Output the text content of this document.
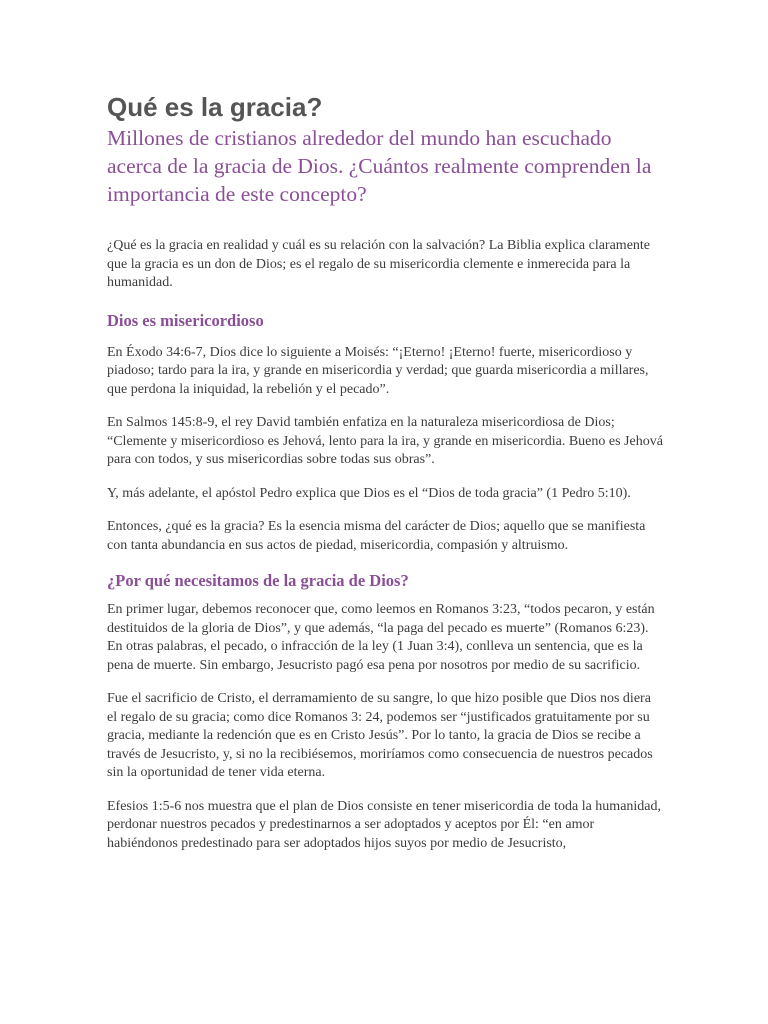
Qué es la gracia?

Millones de cristianos alrededor del mundo han escuchado acerca de la gracia de Dios. ¿Cuántos realmente comprenden la importancia de este concepto?

¿Qué es la gracia en realidad y cuál es su relación con la salvación? La Biblia explica claramente que la gracia es un don de Dios; es el regalo de su misericordia clemente e inmerecida para la humanidad.

Dios es misericordioso

En Éxodo 34:6-7, Dios dice lo siguiente a Moisés: “¡Eterno! ¡Eterno! fuerte, misericordioso y piadoso; tardo para la ira, y grande en misericordia y verdad; que guarda misericordia a millares, que perdona la iniquidad, la rebelión y el pecado”.

En Salmos 145:8-9, el rey David también enfatiza en la naturaleza misericordiosa de Dios; “Clemente y misericordioso es Jehová, lento para la ira, y grande en misericordia. Bueno es Jehová para con todos, y sus misericordias sobre todas sus obras”.

Y, más adelante, el apóstol Pedro explica que Dios es el “Dios de toda gracia” (1 Pedro 5:10).

Entonces, ¿qué es la gracia? Es la esencia misma del carácter de Dios; aquello que se manifiesta con tanta abundancia en sus actos de piedad, misericordia, compasión y altruismo.

¿Por qué necesitamos de la gracia de Dios?

En primer lugar, debemos reconocer que, como leemos en Romanos 3:23, “todos pecaron, y están destituidos de la gloria de Dios”, y que además, “la paga del pecado es muerte” (Romanos 6:23). En otras palabras, el pecado, o infracción de la ley (1 Juan 3:4), conlleva un sentencia, que es la pena de muerte. Sin embargo, Jesucristo pagó esa pena por nosotros por medio de su sacrificio.

Fue el sacrificio de Cristo, el derramamiento de su sangre, lo que hizo posible que Dios nos diera el regalo de su gracia; como dice Romanos 3: 24, podemos ser “justificados gratuitamente por su gracia, mediante la redención que es en Cristo Jesús”. Por lo tanto, la gracia de Dios se recibe a través de Jesucristo, y, si no la recibiésemos, moriríamos como consecuencia de nuestros pecados sin la oportunidad de tener vida eterna.

Efesios 1:5-6 nos muestra que el plan de Dios consiste en tener misericordia de toda la humanidad, perdonar nuestros pecados y predestinarnos a ser adoptados y aceptos por Él: “en amor habiéndonos predestinado para ser adoptados hijos suyos por medio de Jesucristo,
